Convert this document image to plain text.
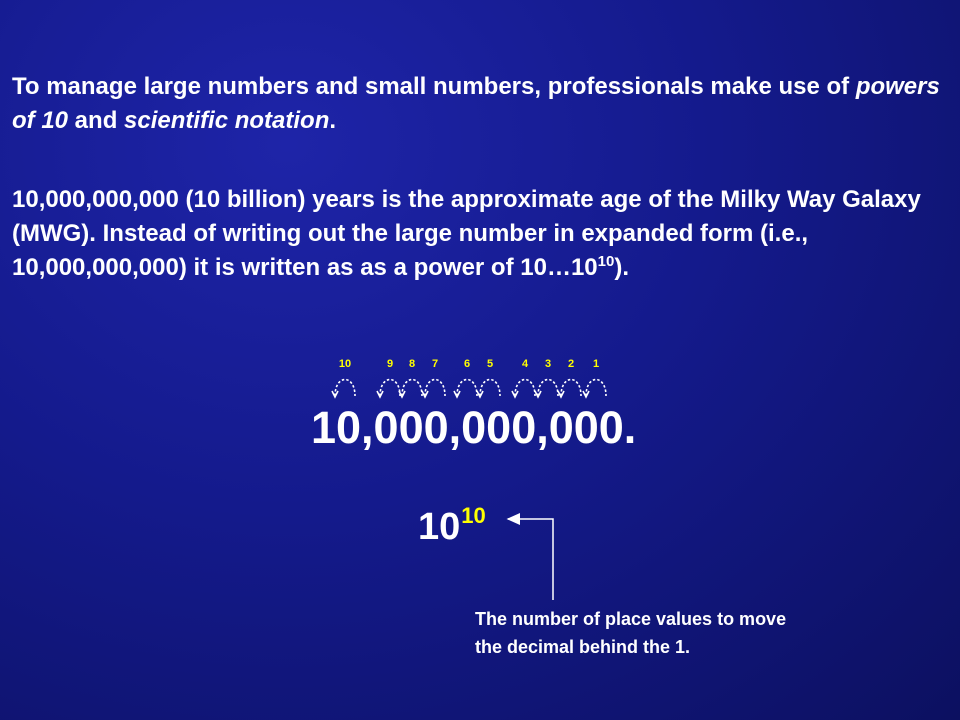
To manage large numbers and small numbers, professionals make use of powers of 10 and scientific notation.

10,000,000,000 (10 billion) years is the approximate age of the Milky Way Galaxy (MWG). Instead of writing out the large number in expanded form (i.e., 10,000,000,000) it is written as as a power of $10\dots 10^{10}$).

10	9 8 7 6 5	4 3 2 1
10,000,000,000.
$10^{10}$
The number of place values to move
the decimal behind the 1.
